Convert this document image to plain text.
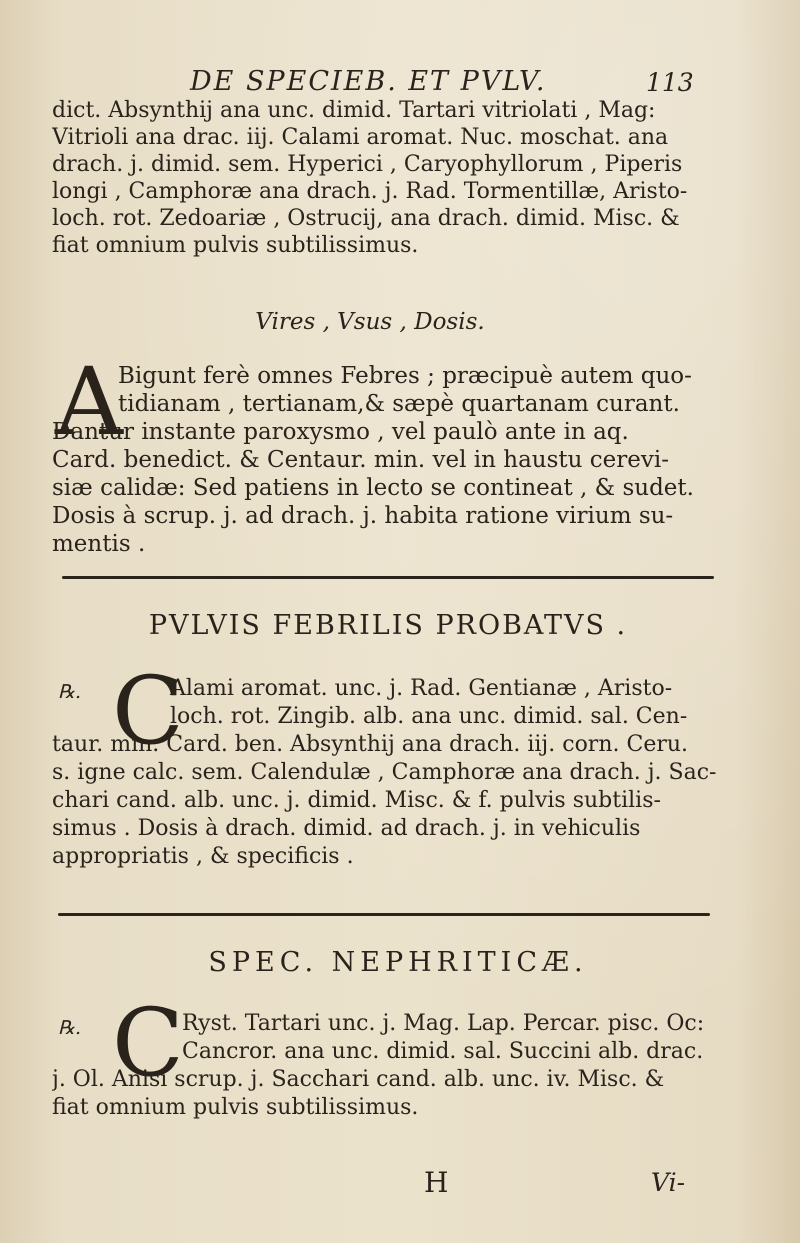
DE SPECIEB. ET PVLV.	113
dict. Absynthij ana unc. dimid. Tartari vitriolati , Mag:
Vitrioli ana drac. iij. Calami aromat. Nuc. moschat. ana
drach. j. dimid. sem. Hyperici , Caryophyllorum , Piperis
longi , Camphoræ ana drach. j. Rad. Tormentillæ, Aristo-
loch. rot. Zedoariæ , Ostrucij, ana drach. dimid. Misc. &
fiat omnium pulvis subtilissimus.
Vires , Vsus , Dosis.
A
Bigunt ferè omnes Febres ; præcipuè autem quo-
tidianam , tertianam,& sæpè quartanam curant.
Dantur instante paroxysmo , vel paulò ante in aq.
Card. benedict. & Centaur. min. vel in haustu cerevi-
siæ calidæ: Sed patiens in lecto se contineat , & sudet.
Dosis à scrup. j. ad drach. j. habita ratione virium su-
mentis .
PVLVIS FEBRILIS PROBATVS .
℞. C
Alami aromat. unc. j. Rad. Gentianæ , Aristo-
loch. rot. Zingib. alb. ana unc. dimid. sal. Cen-
taur. min. Card. ben. Absynthij ana drach. iij. corn. Ceru.
s. igne calc. sem. Calendulæ , Camphoræ ana drach. j. Sac-
chari cand. alb. unc. j. dimid. Misc. & f. pulvis subtilis-
simus . Dosis à drach. dimid. ad drach. j. in vehiculis
appropriatis , & specificis .
SPEC. NEPHRITICÆ.
℞. C
Ryst. Tartari unc. j. Mag. Lap. Percar. pisc. Oc:
Cancror. ana unc. dimid. sal. Succini alb. drac.
j. Ol. Anisi scrup. j. Sacchari cand. alb. unc. iv. Misc. &
fiat omnium pulvis subtilissimus.
H	Vi-
